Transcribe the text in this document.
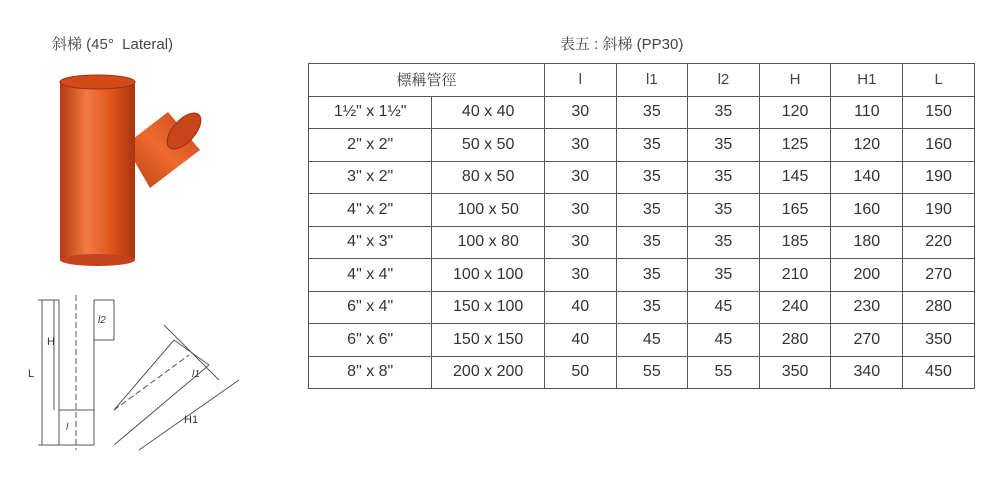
斜梯 (45°  Lateral)
L
H
l2
l
l1
H1
表五 : 斜梯 (PP30)
標稱管徑		l	l1	l2	H	H1	L
1½" x 1½"	40 x 40	30	35	35	120	110	150
2" x 2"	50 x 50	30	35	35	125	120	160
3" x 2"	80 x 50	30	35	35	145	140	190
4" x 2"	100 x 50	30	35	35	165	160	190
4" x 3"	100 x 80	30	35	35	185	180	220
4" x 4"	100 x 100	30	35	35	210	200	270
6" x 4"	150 x 100	40	35	45	240	230	280
6" x 6"	150 x 150	40	45	45	280	270	350
8" x 8"	200 x 200	50	55	55	350	340	450
